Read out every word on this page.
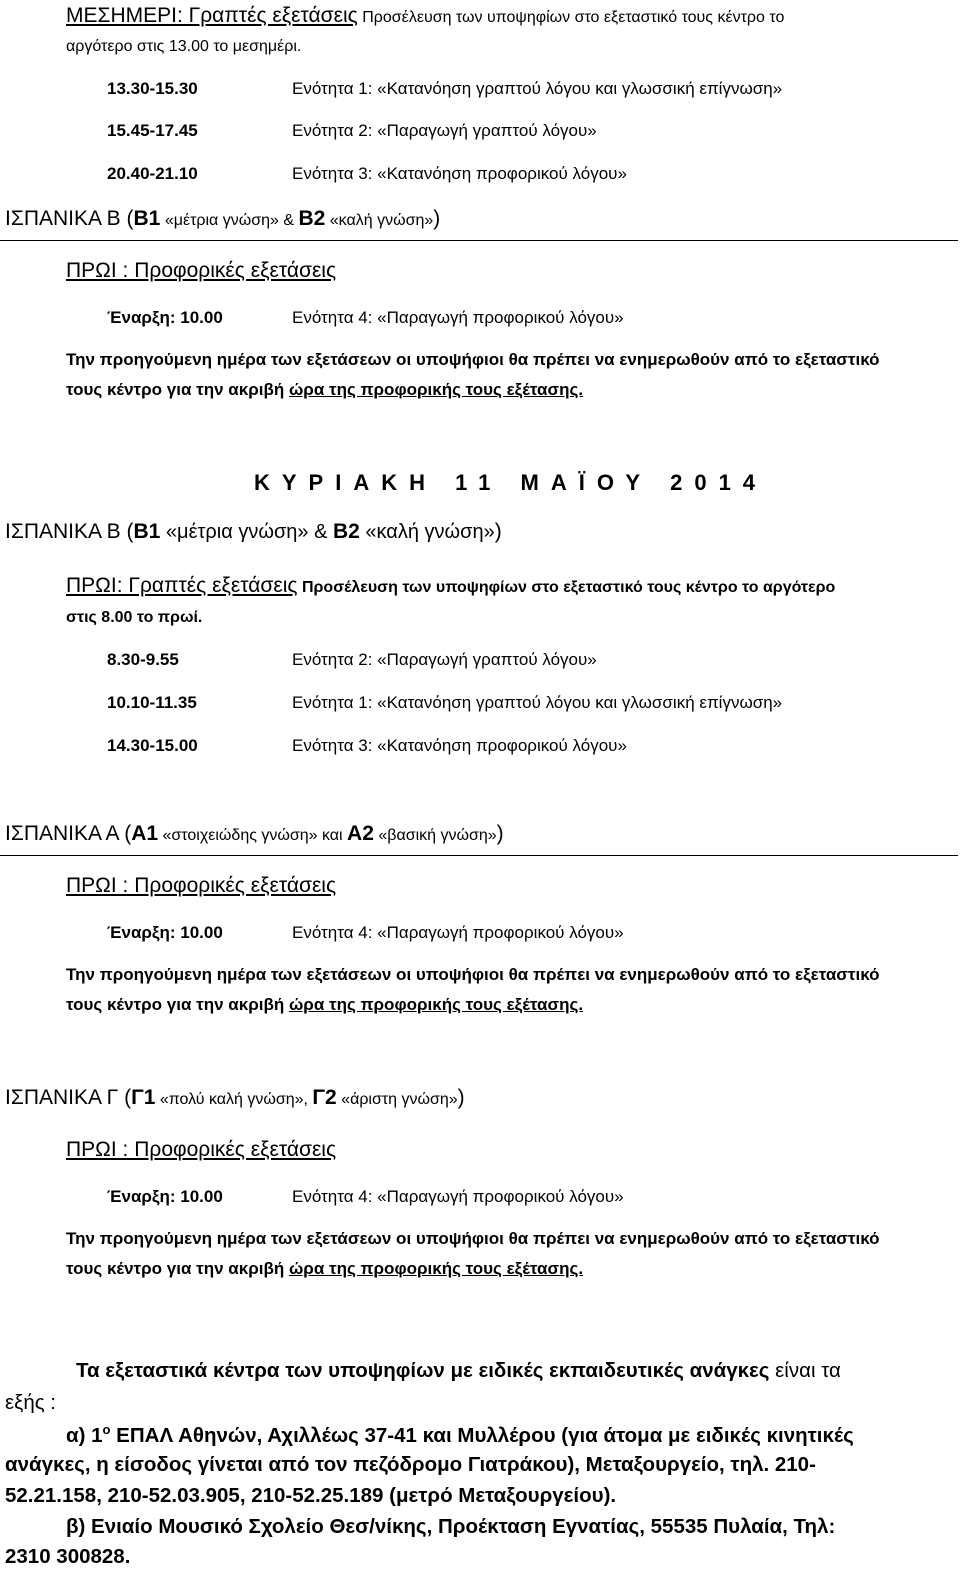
ΜΕΣΗΜΕΡΙ: Γραπτές εξετάσεις Προσέλευση των υποψηφίων στο εξεταστικό τους κέντρο το
αργότερο στις 13.00 το μεσημέρι.
13.30-15.30	Ενότητα 1: «Κατανόηση γραπτού λόγου και γλωσσική επίγνωση»
15.45-17.45	Ενότητα 2: «Παραγωγή γραπτού λόγου»
20.40-21.10	Ενότητα 3: «Κατανόηση προφορικού λόγου»
ΙΣΠΑΝΙΚΑ Β (Β1 «μέτρια γνώση» & Β2 «καλή γνώση»)
ΠΡΩΙ : Προφορικές εξετάσεις
Έναρξη: 10.00	Ενότητα 4: «Παραγωγή προφορικού λόγου»
Την προηγούμενη ημέρα των εξετάσεων οι υποψήφιοι θα πρέπει να ενημερωθούν από το εξεταστικό
τους κέντρο για την ακριβή ώρα της προφορικής τους εξέτασης.
ΚΥΡΙΑΚΗ 11 ΜΑΪΟΥ 2014
ΙΣΠΑΝΙΚΑ Β (Β1 «μέτρια γνώση» & Β2 «καλή γνώση»)
ΠΡΩΙ: Γραπτές εξετάσεις Προσέλευση των υποψηφίων στο εξεταστικό τους κέντρο το αργότερο
στις 8.00 το πρωί.
8.30-9.55	Ενότητα 2: «Παραγωγή γραπτού λόγου»
10.10-11.35	Ενότητα 1: «Κατανόηση γραπτού λόγου και γλωσσική επίγνωση»
14.30-15.00	Ενότητα 3: «Κατανόηση προφορικού λόγου»
ΙΣΠΑΝΙΚΑ Α (Α1 «στοιχειώδης γνώση» και Α2 «βασική γνώση»)
ΠΡΩΙ : Προφορικές εξετάσεις
Έναρξη: 10.00	Ενότητα 4: «Παραγωγή προφορικού λόγου»
Την προηγούμενη ημέρα των εξετάσεων οι υποψήφιοι θα πρέπει να ενημερωθούν από το εξεταστικό
τους κέντρο για την ακριβή ώρα της προφορικής τους εξέτασης.
ΙΣΠΑΝΙΚΑ Γ (Γ1 «πολύ καλή γνώση», Γ2 «άριστη γνώση»)
ΠΡΩΙ : Προφορικές εξετάσεις
Έναρξη: 10.00	Ενότητα 4: «Παραγωγή προφορικού λόγου»
Την προηγούμενη ημέρα των εξετάσεων οι υποψήφιοι θα πρέπει να ενημερωθούν από το εξεταστικό
τους κέντρο για την ακριβή ώρα της προφορικής τους εξέτασης.
Τα εξεταστικά κέντρα των υποψηφίων με ειδικές εκπαιδευτικές ανάγκες είναι τα
εξής :
α) $1^o$ ΕΠΑΛ Αθηνών, Αχιλλέως 37-41 και Μυλλέρου (για άτομα με ειδικές κινητικές
ανάγκες, η είσοδος γίνεται από τον πεζόδρομο Γιατράκου), Μεταξουργείο, τηλ. 210-
52.21.158, 210-52.03.905, 210-52.25.189 (μετρό Μεταξουργείου).
β) Ενιαίο Μουσικό Σχολείο Θεσ/νίκης, Προέκταση Εγνατίας, 55535 Πυλαία, Τηλ:
2310 300828.
